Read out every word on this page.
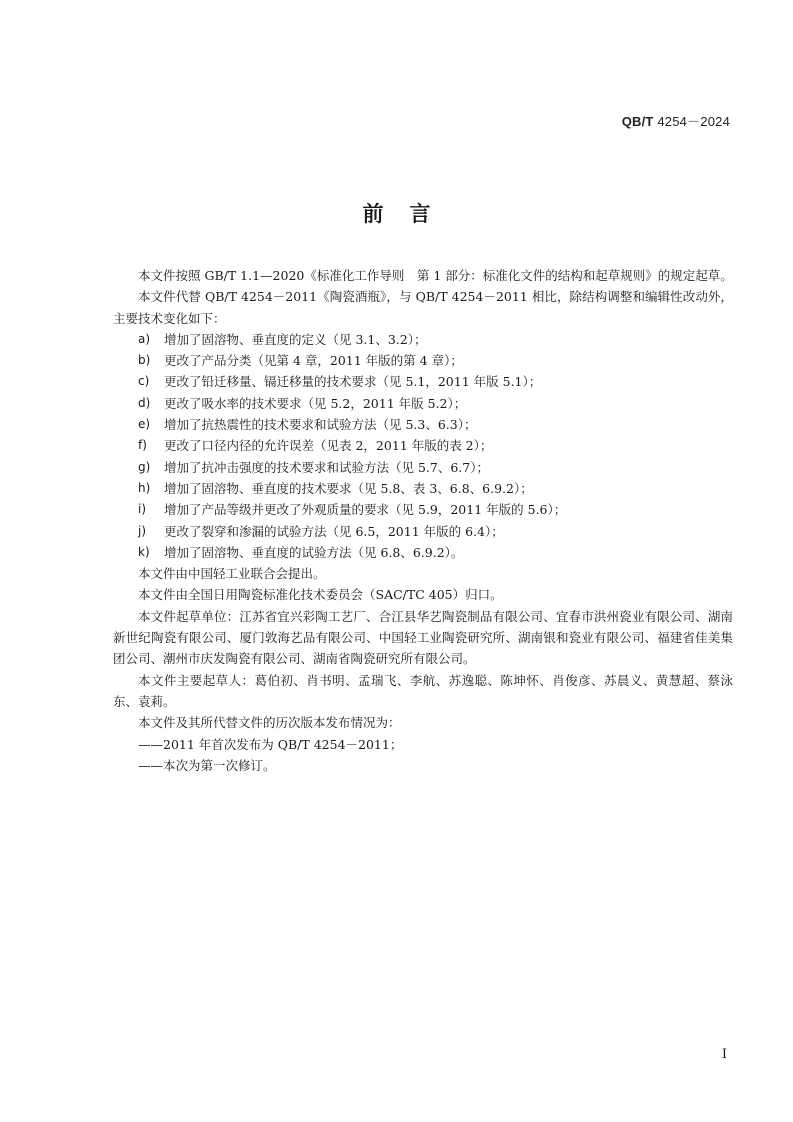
QB/T 4254－2024
前言

本文件按照 GB/T 1.1—2020《标准化工作导则　第 1 部分：标准化文件的结构和起草规则》的规定起草。

本文件代替 QB/T 4254－2011《陶瓷酒瓶》，与 QB/T 4254－2011 相比，除结构调整和编辑性改动外，主要技术变化如下：

a)	增加了固溶物、垂直度的定义（见 3.1、3.2）；
b)	更改了产品分类（见第 4 章，2011 年版的第 4 章）；
c)	更改了铅迁移量、镉迁移量的技术要求（见 5.1，2011 年版 5.1）；
d)	更改了吸水率的技术要求（见 5.2，2011 年版 5.2）；
e)	增加了抗热震性的技术要求和试验方法（见 5.3、6.3）；
f)	更改了口径内径的允许误差（见表 2，2011 年版的表 2）；
g)	增加了抗冲击强度的技术要求和试验方法（见 5.7、6.7）；
h)	增加了固溶物、垂直度的技术要求（见 5.8、表 3、6.8、6.9.2）；
i)	增加了产品等级并更改了外观质量的要求（见 5.9，2011 年版的 5.6）；
j)	更改了裂穿和渗漏的试验方法（见 6.5，2011 年版的 6.4）；
k)	增加了固溶物、垂直度的试验方法（见 6.8、6.9.2）。

本文件由中国轻工业联合会提出。

本文件由全国日用陶瓷标准化技术委员会（SAC/TC 405）归口。

本文件起草单位：江苏省宜兴彩陶工艺厂、合江县华艺陶瓷制品有限公司、宜春市洪州瓷业有限公司、湖南新世纪陶瓷有限公司、厦门敦海艺品有限公司、中国轻工业陶瓷研究所、湖南银和瓷业有限公司、福建省佳美集团公司、潮州市庆发陶瓷有限公司、湖南省陶瓷研究所有限公司。

本文件主要起草人：葛伯初、肖书明、孟瑞飞、李航、苏逸聪、陈坤怀、肖俊彦、苏晨义、黄慧超、蔡泳东、袁莉。

本文件及其所代替文件的历次版本发布情况为：

——2011 年首次发布为 QB/T 4254－2011；

——本次为第一次修订。

I
